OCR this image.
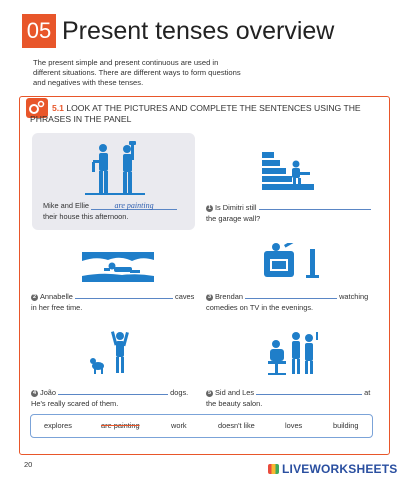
05 Present tenses overview
The present simple and present continuous are used in different situations. There are different ways to form questions and negatives with these tenses.
5.1 LOOK AT THE PICTURES AND COMPLETE THE SENTENCES USING THE PHRASES IN THE PANEL
Mike and Ellie	are painting
their house this afternoon.
1 Is Dimitri still
the garage wall?
2 Annabelle	caves
in her free time.
3 Brendan	watching
comedies on TV in the evenings.
4 João	dogs.
He's really scared of them.
5 Sid and Les	at
the beauty salon.
explores	are painting	work	doesn't like	loves	building
20	LIVEWORKSHEETS
